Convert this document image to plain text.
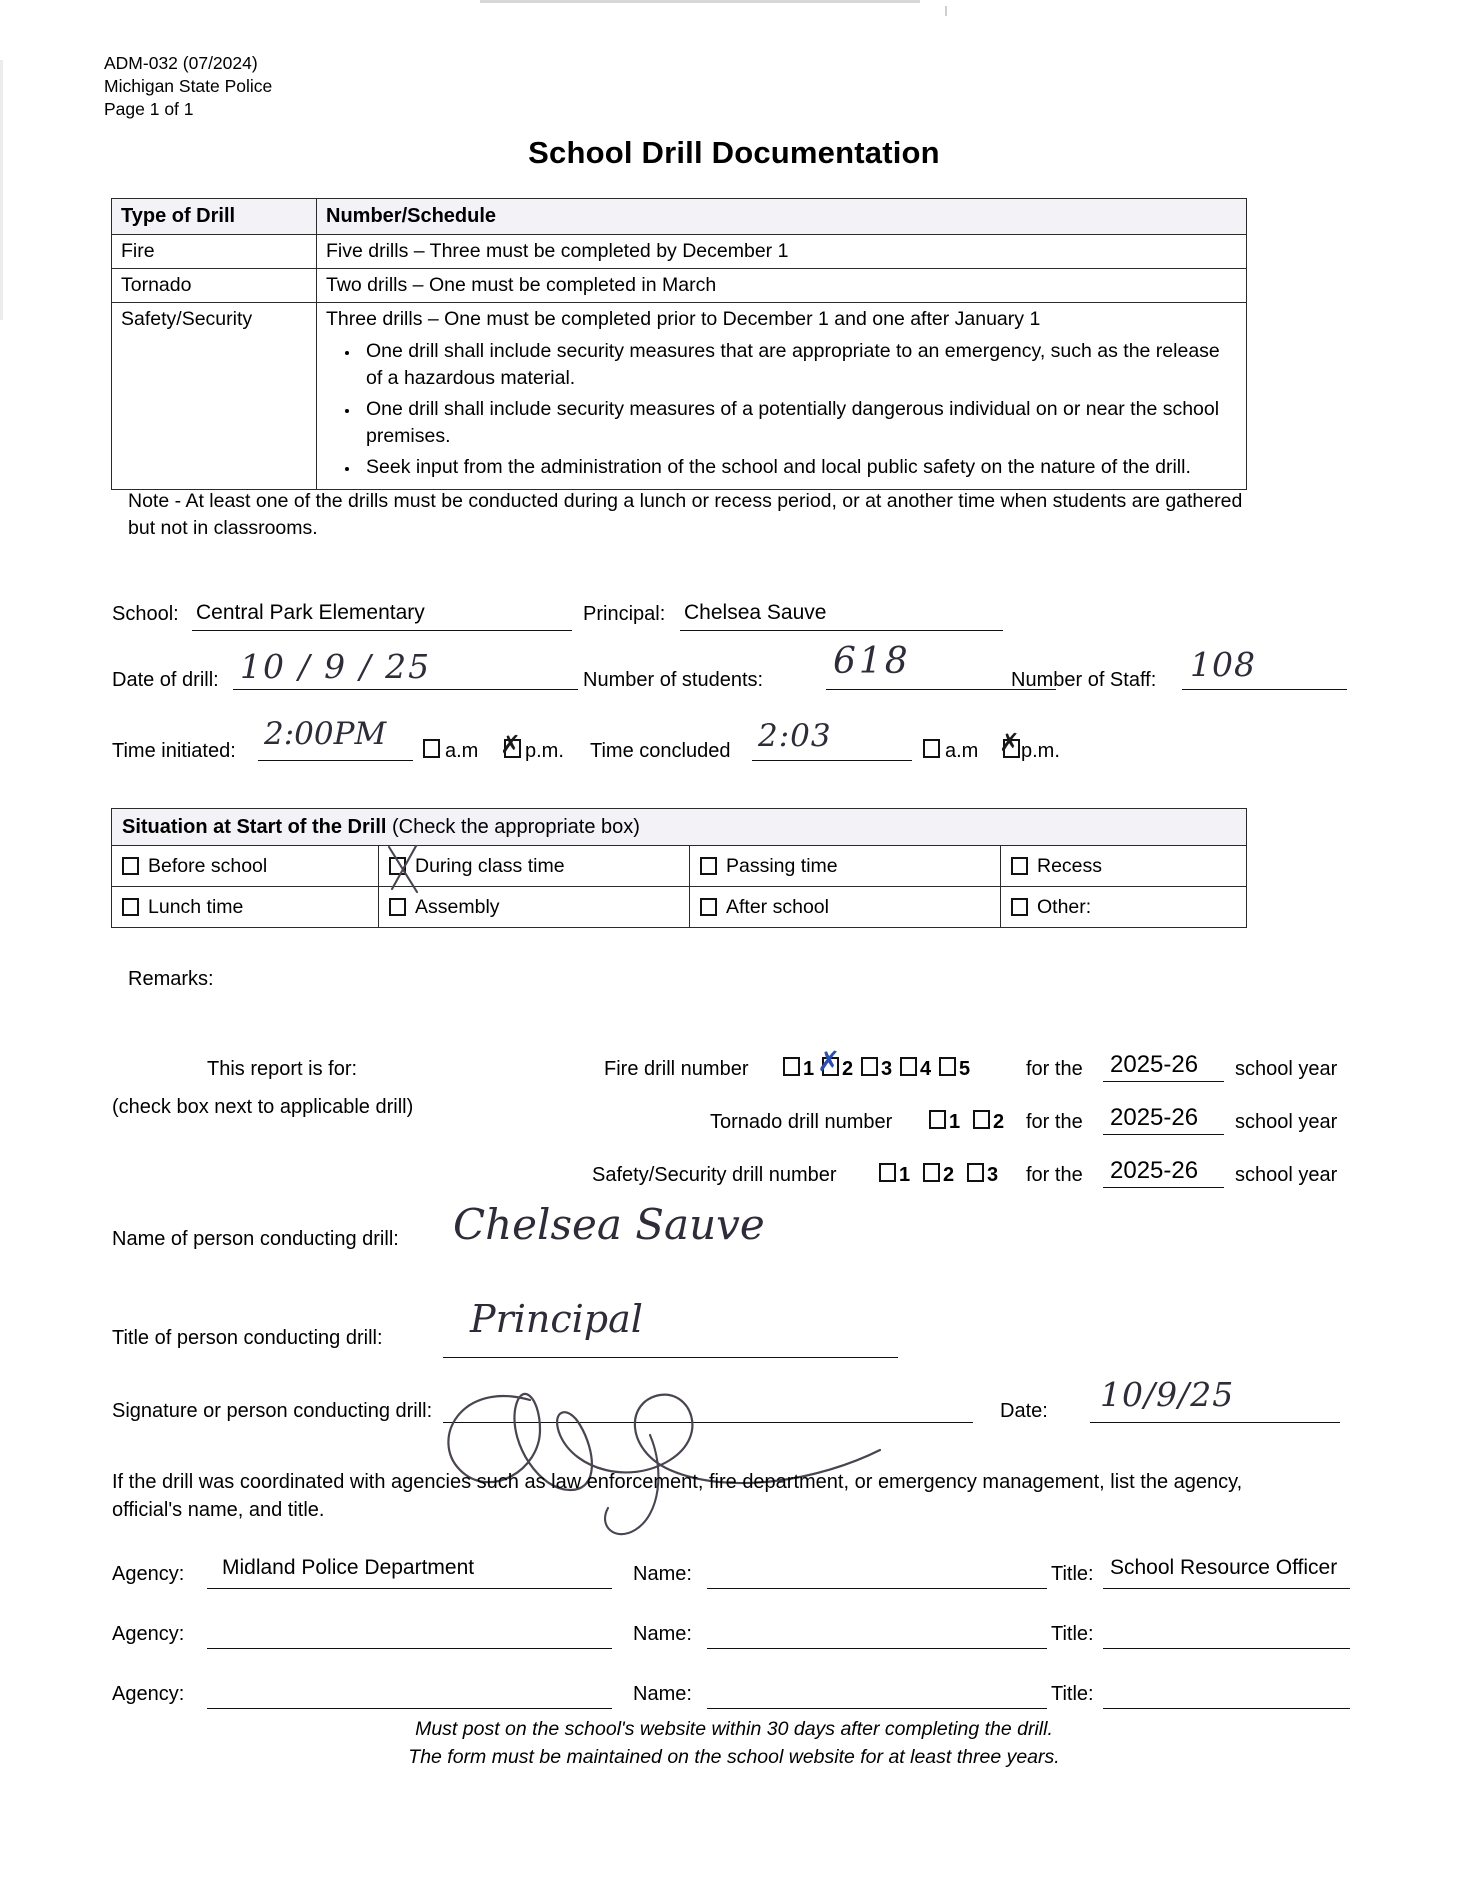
ADM-032 (07/2024)
Michigan State Police
Page 1 of 1
School Drill Documentation
Type of Drill	Number/Schedule
Fire	Five drills – Three must be completed by December 1
Tornado	Two drills – One must be completed in March
Safety/Security	Three drills – One must be completed prior to December 1 and one after January 1
• One drill shall include security measures that are appropriate to an emergency, such as the release of a hazardous material.
• One drill shall include security measures of a potentially dangerous individual on or near the school premises.
• Seek input from the administration of the school and local public safety on the nature of the drill.
Note - At least one of the drills must be conducted during a lunch or recess period, or at another time when students are gathered but not in classrooms.
School: Central Park Elementary	Principal: Chelsea Sauve
Date of drill: 10 / 9 / 25	Number of students: 618	Number of Staff: 108
Time initiated: 2:00PM	a.m ✗ p.m. Time concluded 2:03	a.m ✗ p.m.
Situation at Start of the Drill (Check the appropriate box)			
Before school	During class time	Passing time	Recess
Lunch time	Assembly	After school	Other:
Remarks:
This report is for:
(check box next to applicable drill)
Fire drill number	1 ✗ 2 3 4 5	for the 2025-26 school year
Tornado drill number	1 2 for the 2025-26 school year
Safety/Security drill number	1 2 3 for the 2025-26 school year
Name of person conducting drill: Chelsea Sauve
Title of person conducting drill: Principal
Signature or person conducting drill:	Date: 10/9/25
If the drill was coordinated with agencies such as law enforcement, fire department, or emergency management, list the agency, official's name, and title.
Agency: Midland Police Department	Name:	Title: School Resource Officer
Agency:	Name:	Title:
Agency:	Name:	Title:
Must post on the school's website within 30 days after completing the drill.
The form must be maintained on the school website for at least three years.
